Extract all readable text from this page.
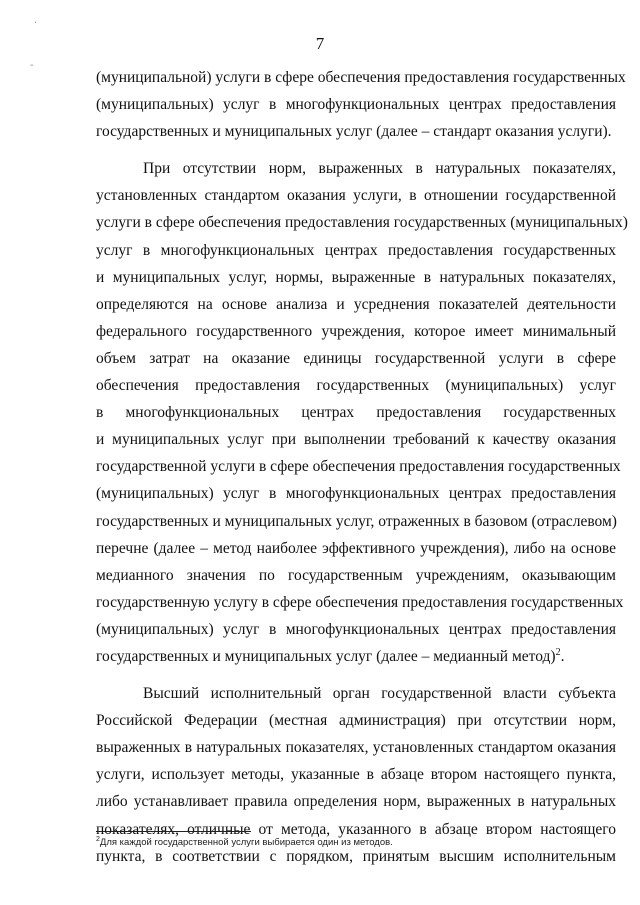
·
-
7
(муниципальной) услуги в сфере обеспечения предоставления государственных
(муниципальных) услуг в многофункциональных центрах предоставления
государственных и муниципальных услуг (далее – стандарт оказания услуги).
При отсутствии норм, выраженных в натуральных показателях,
установленных стандартом оказания услуги, в отношении государственной
услуги в сфере обеспечения предоставления государственных (муниципальных)
услуг в многофункциональных центрах предоставления государственных
и муниципальных услуг, нормы, выраженные в натуральных показателях,
определяются на основе анализа и усреднения показателей деятельности
федерального государственного учреждения, которое имеет минимальный
объем затрат на оказание единицы государственной услуги в сфере
обеспечения предоставления государственных (муниципальных) услуг
в многофункциональных центрах предоставления государственных
и муниципальных услуг при выполнении требований к качеству оказания
государственной услуги в сфере обеспечения предоставления государственных
(муниципальных) услуг в многофункциональных центрах предоставления
государственных и муниципальных услуг, отраженных в базовом (отраслевом)
перечне (далее – метод наиболее эффективного учреждения), либо на основе
медианного значения по государственным учреждениям, оказывающим
государственную услугу в сфере обеспечения предоставления государственных
(муниципальных) услуг в многофункциональных центрах предоставления
государственных и муниципальных услуг (далее – медианный метод)$^2$.
Высший исполнительный орган государственной власти субъекта
Российской Федерации (местная администрация) при отсутствии норм,
выраженных в натуральных показателях, установленных стандартом оказания
услуги, использует методы, указанные в абзаце втором настоящего пункта,
либо устанавливает правила определения норм, выраженных в натуральных
показателях, отличные от метода, указанного в абзаце втором настоящего
пункта, в соответствии с порядком, принятым высшим исполнительным
$^2$Для каждой государственной услуги выбирается один из методов.
